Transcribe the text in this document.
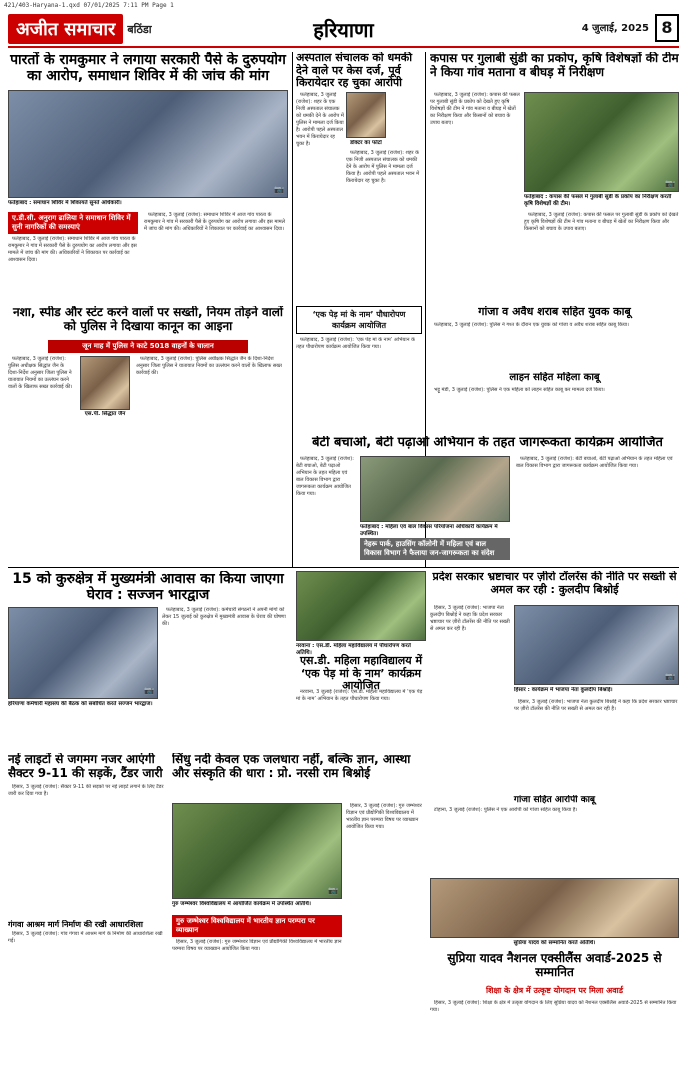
421/403-Haryana-1.qxd 07/01/2025 7:11 PM Page 1
अजीत समाचार	बठिंडा	हरियाणा	4 जुलाई, 2025 8
पारतों के रामकुमार ने लगाया सरकारी पैसे के दुरुपयोग का आरोप, समाधान शिविर में की जांच की मांग
📷
फतेहाबाद : समाधान शिविर में शिकायतें सुनते अधिकारी।
ए.डी.सी. अनुराग ढालिया ने समाधान शिविर में सुनी नागरिकों की समस्याएं

फतेहाबाद, 3 जुलाई (राजेश): समाधान शिविर में आज गांव पारता के रामकुमार ने गांव में सरकारी पैसे के दुरुपयोग का आरोप लगाया और इस मामले में जांच की मांग की। अधिकारियों ने शिकायत पर कार्रवाई का आश्वासन दिया।

फतेहाबाद, 3 जुलाई (राजेश): समाधान शिविर में आज गांव पारता के रामकुमार ने गांव में सरकारी पैसे के दुरुपयोग का आरोप लगाया और इस मामले में जांच की मांग की। अधिकारियों ने शिकायत पर कार्रवाई का आश्वासन दिया।

नशा, स्पीड और स्टंट करने वालों पर सख्ती, नियम तोड़ने वालों को पुलिस ने दिखाया कानून का आइना
जून माह में पुलिस ने काटे 5018 वाहनों के चालान
एस.पी. सिद्धांत जैन

फतेहाबाद, 3 जुलाई (राजेश): पुलिस अधीक्षक सिद्धांत जैन के दिशा-निर्देश अनुसार जिला पुलिस ने यातायात नियमों का उल्लंघन करने वालों के खिलाफ सख्त कार्रवाई की।

फतेहाबाद, 3 जुलाई (राजेश): पुलिस अधीक्षक सिद्धांत जैन के दिशा-निर्देश अनुसार जिला पुलिस ने यातायात नियमों का उल्लंघन करने वालों के खिलाफ सख्त कार्रवाई की।

अस्पताल संचालक को धमकी देने वाले पर केस दर्ज, पूर्व किरायेदार रह चुका आरोपी
डॉक्टर का फोटो

फतेहाबाद, 3 जुलाई (राजेश): शहर के एक निजी अस्पताल संचालक को धमकी देने के आरोप में पुलिस ने मामला दर्ज किया है। आरोपी पहले अस्पताल भवन में किरायेदार रह चुका है।

फतेहाबाद, 3 जुलाई (राजेश): शहर के एक निजी अस्पताल संचालक को धमकी देने के आरोप में पुलिस ने मामला दर्ज किया है। आरोपी पहले अस्पताल भवन में किरायेदार रह चुका है।

कपास पर गुलाबी सुंडी का प्रकोप, कृषि विशेषज्ञों की टीम ने किया गांव मताना व बीघड़ में निरीक्षण

फतेहाबाद, 3 जुलाई (राजेश): कपास की फसल पर गुलाबी सुंडी के प्रकोप को देखते हुए कृषि विशेषज्ञों की टीम ने गांव मताना व बीघड़ में खेतों का निरीक्षण किया और किसानों को बचाव के उपाय बताए।

📷
फतेहाबाद : कपास की फसल में गुलाबी सुंडी के प्रकोप का निरीक्षण करती कृषि विशेषज्ञों की टीम।

फतेहाबाद, 3 जुलाई (राजेश): कपास की फसल पर गुलाबी सुंडी के प्रकोप को देखते हुए कृषि विशेषज्ञों की टीम ने गांव मताना व बीघड़ में खेतों का निरीक्षण किया और किसानों को बचाव के उपाय बताए।

‘एक पेड़ मां के नाम’ पौधारोपण कार्यक्रम आयोजित

फतेहाबाद, 3 जुलाई (राजेश): ‘एक पेड़ मां के नाम’ अभियान के तहत पौधारोपण कार्यक्रम आयोजित किया गया।

गांजा व अवैध शराब सहित युवक काबू

फतेहाबाद, 3 जुलाई (राजेश): पुलिस ने गश्त के दौरान एक युवक को गांजा व अवैध शराब सहित काबू किया।

लाहन सहित महिला काबू

भट्टू मंडी, 3 जुलाई (राजेश): पुलिस ने एक महिला को लाहन सहित काबू कर मामला दर्ज किया।

बेटी बचाओ, बेटी पढ़ाओ अभियान के तहत जागरूकता कार्यक्रम आयोजित

फतेहाबाद, 3 जुलाई (राजेश): बेटी बचाओ, बेटी पढ़ाओ अभियान के तहत महिला एवं बाल विकास विभाग द्वारा जागरूकता कार्यक्रम आयोजित किया गया।

फतेहाबाद : महिला एवं बाल विकास परियोजना अधिकारी कार्यक्रम में उपस्थित।
नेहरू पार्क, हाउसिंग कॉलोनी में महिला एवं बाल विकास विभाग ने फैलाया जन-जागरूकता का संदेश

फतेहाबाद, 3 जुलाई (राजेश): बेटी बचाओ, बेटी पढ़ाओ अभियान के तहत महिला एवं बाल विकास विभाग द्वारा जागरूकता कार्यक्रम आयोजित किया गया।

15 को कुरुक्षेत्र में मुख्यमंत्री आवास का किया जाएगा घेराव : सज्जन भारद्वाज
📷
हरियाणा कर्मचारी महासंघ की बैठक को संबोधित करते सज्जन भारद्वाज।

फतेहाबाद, 3 जुलाई (राजेश): कर्मचारी संगठनों ने अपनी मांगों को लेकर 15 जुलाई को कुरुक्षेत्र में मुख्यमंत्री आवास के घेराव की घोषणा की।

नरवाना : एस.डी. महिला महाविद्यालय में पौधारोपण करते अतिथि।
एस.डी. महिला महाविद्यालय में ‘एक पेड़ मां के नाम’ कार्यक्रम आयोजित

नरवाना, 3 जुलाई (राजेश): एस.डी. महिला महाविद्यालय में ‘एक पेड़ मां के नाम’ अभियान के तहत पौधारोपण किया गया।

प्रदेश सरकार भ्रष्टाचार पर ज़ीरो टॉलरेंस की नीति पर सख्ती से अमल कर रही : कुलदीप बिश्नोई

हिसार, 3 जुलाई (राजेश): भाजपा नेता कुलदीप बिश्नोई ने कहा कि प्रदेश सरकार भ्रष्टाचार पर ज़ीरो टॉलरेंस की नीति पर सख्ती से अमल कर रही है।

📷
हिसार : कार्यक्रम में भाजपा नेता कुलदीप बिश्नोई।

हिसार, 3 जुलाई (राजेश): भाजपा नेता कुलदीप बिश्नोई ने कहा कि प्रदेश सरकार भ्रष्टाचार पर ज़ीरो टॉलरेंस की नीति पर सख्ती से अमल कर रही है।

नई लाइटों से जगमग नजर आएंगी सैक्टर 9-11 की सड़कें, टैंडर जारी

हिसार, 3 जुलाई (राजेश): सैक्टर 9-11 की सड़कों पर नई लाइटें लगाने के लिए टैंडर जारी कर दिया गया है।

सिंधु नदी केवल एक जलधारा नहीं, बल्कि ज्ञान, आस्था और संस्कृति की धारा : प्रो. नरसी राम बिश्नोई
📷
गुरु जम्भेश्वर विश्वविद्यालय में आयोजित कार्यक्रम में उपस्थित अतिथि।
गुरु जम्भेश्वर विश्वविद्यालय में भारतीय ज्ञान परम्परा पर व्याख्यान

हिसार, 3 जुलाई (राजेश): गुरु जम्भेश्वर विज्ञान एवं प्रौद्योगिकी विश्वविद्यालय में भारतीय ज्ञान परम्परा विषय पर व्याख्यान आयोजित किया गया।

हिसार, 3 जुलाई (राजेश): गुरु जम्भेश्वर विज्ञान एवं प्रौद्योगिकी विश्वविद्यालय में भारतीय ज्ञान परम्परा विषय पर व्याख्यान आयोजित किया गया।

गंगवा आश्रम मार्ग निर्माण की रखी आधारशिला

हिसार, 3 जुलाई (राजेश): गांव गंगवा में आश्रम मार्ग के निर्माण की आधारशिला रखी गई।

गांजा सहित आरोपी काबू

टोहाना, 3 जुलाई (राजेश): पुलिस ने एक आरोपी को गांजा सहित काबू किया है।

सुप्रिया यादव को सम्मानित करते अतिथि।
सुप्रिया यादव नैशनल एक्सीलैंस अवार्ड-2025 से सम्मानित
शिक्षा के क्षेत्र में उत्कृष्ट योगदान पर मिला अवार्ड

हिसार, 3 जुलाई (राजेश): शिक्षा के क्षेत्र में उत्कृष्ट योगदान के लिए सुप्रिया यादव को नैशनल एक्सीलैंस अवार्ड-2025 से सम्मानित किया गया।
